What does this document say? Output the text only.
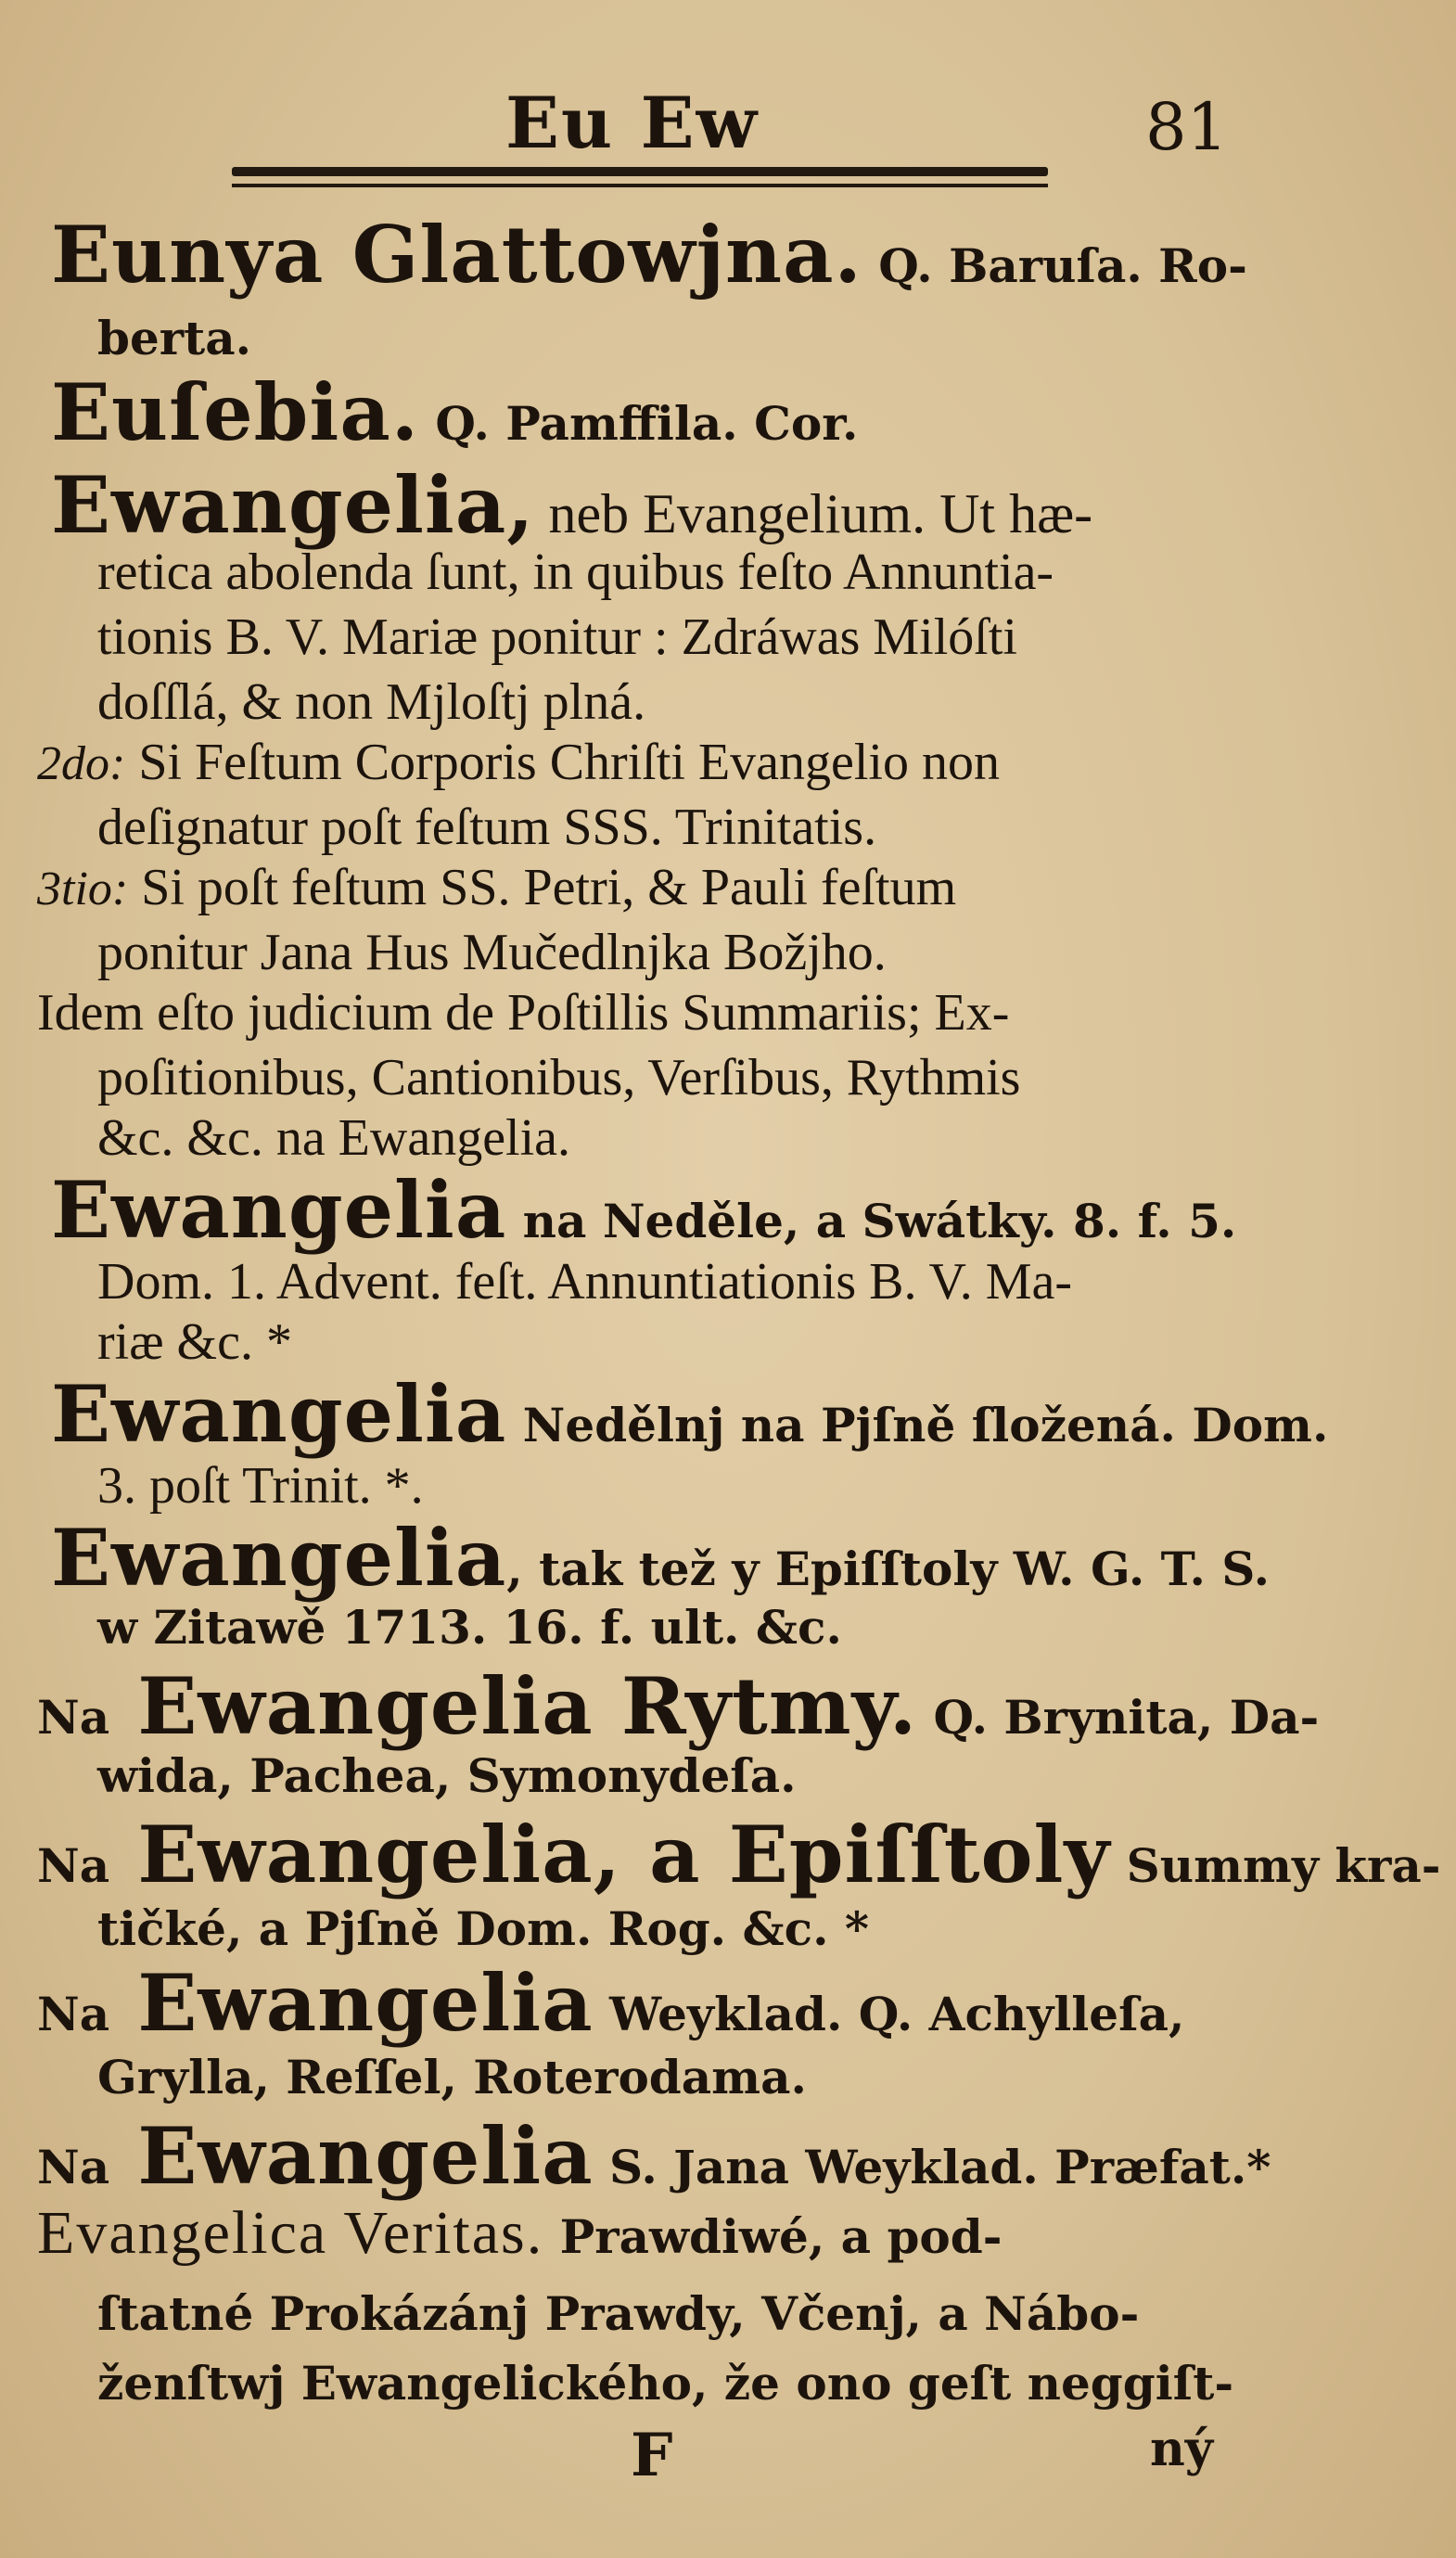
Eu Ew	81
Eunya Glattowjna. Q. Baruſa. Ro-
berta.
Euſebia. Q. Pamffila. Cor.
Ewangelia, neb Evangelium. Ut hæ-
retica abolenda ſunt, in quibus feſto Annuntia-
tionis B. V. Mariæ ponitur : Zdráwas Milóſti
doſſlá, & non Mjloſtj plná.
2do: Si Feſtum Corporis Chriſti Evangelio non
deſignatur poſt feſtum SSS. Trinitatis.
3tio: Si poſt feſtum SS. Petri, & Pauli feſtum
ponitur Jana Hus Mučedlnjka Božjho.
Idem eſto judicium de Poſtillis Summariis; Ex-
poſitionibus, Cantionibus, Verſibus, Rythmis
&c. &c. na Ewangelia.
Ewangelia na Neděle, a Swátky. 8. f. 5.
Dom. 1. Advent. feſt. Annuntiationis B. V. Ma-
riæ &c. *
Ewangelia Nedělnj na Pjſně ſložená. Dom.
3. poſt Trinit. *.
Ewangelia, tak tež y Epiſſtoly W. G. T. S.
w Zitawě 1713. 16. f. ult. &c.
Na Ewangelia Rytmy. Q. Brynita, Da-
wida, Pachea, Symonydeſa.
Na Ewangelia, a Epiſſtoly Summy kra-
tičké, a Pjſně Dom. Rog. &c. *
Na Ewangelia Weyklad. Q. Achylleſa,
Grylla, Reſſel, Roterodama.
Na Ewangelia S. Jana Weyklad. Præfat.*
Evangelica Veritas. Prawdiwé, a pod-
ſtatné Prokázánj Prawdy, Včenj, a Nábo-
ženſtwj Ewangelického, že ono geſt neggiſt-
F	ný
